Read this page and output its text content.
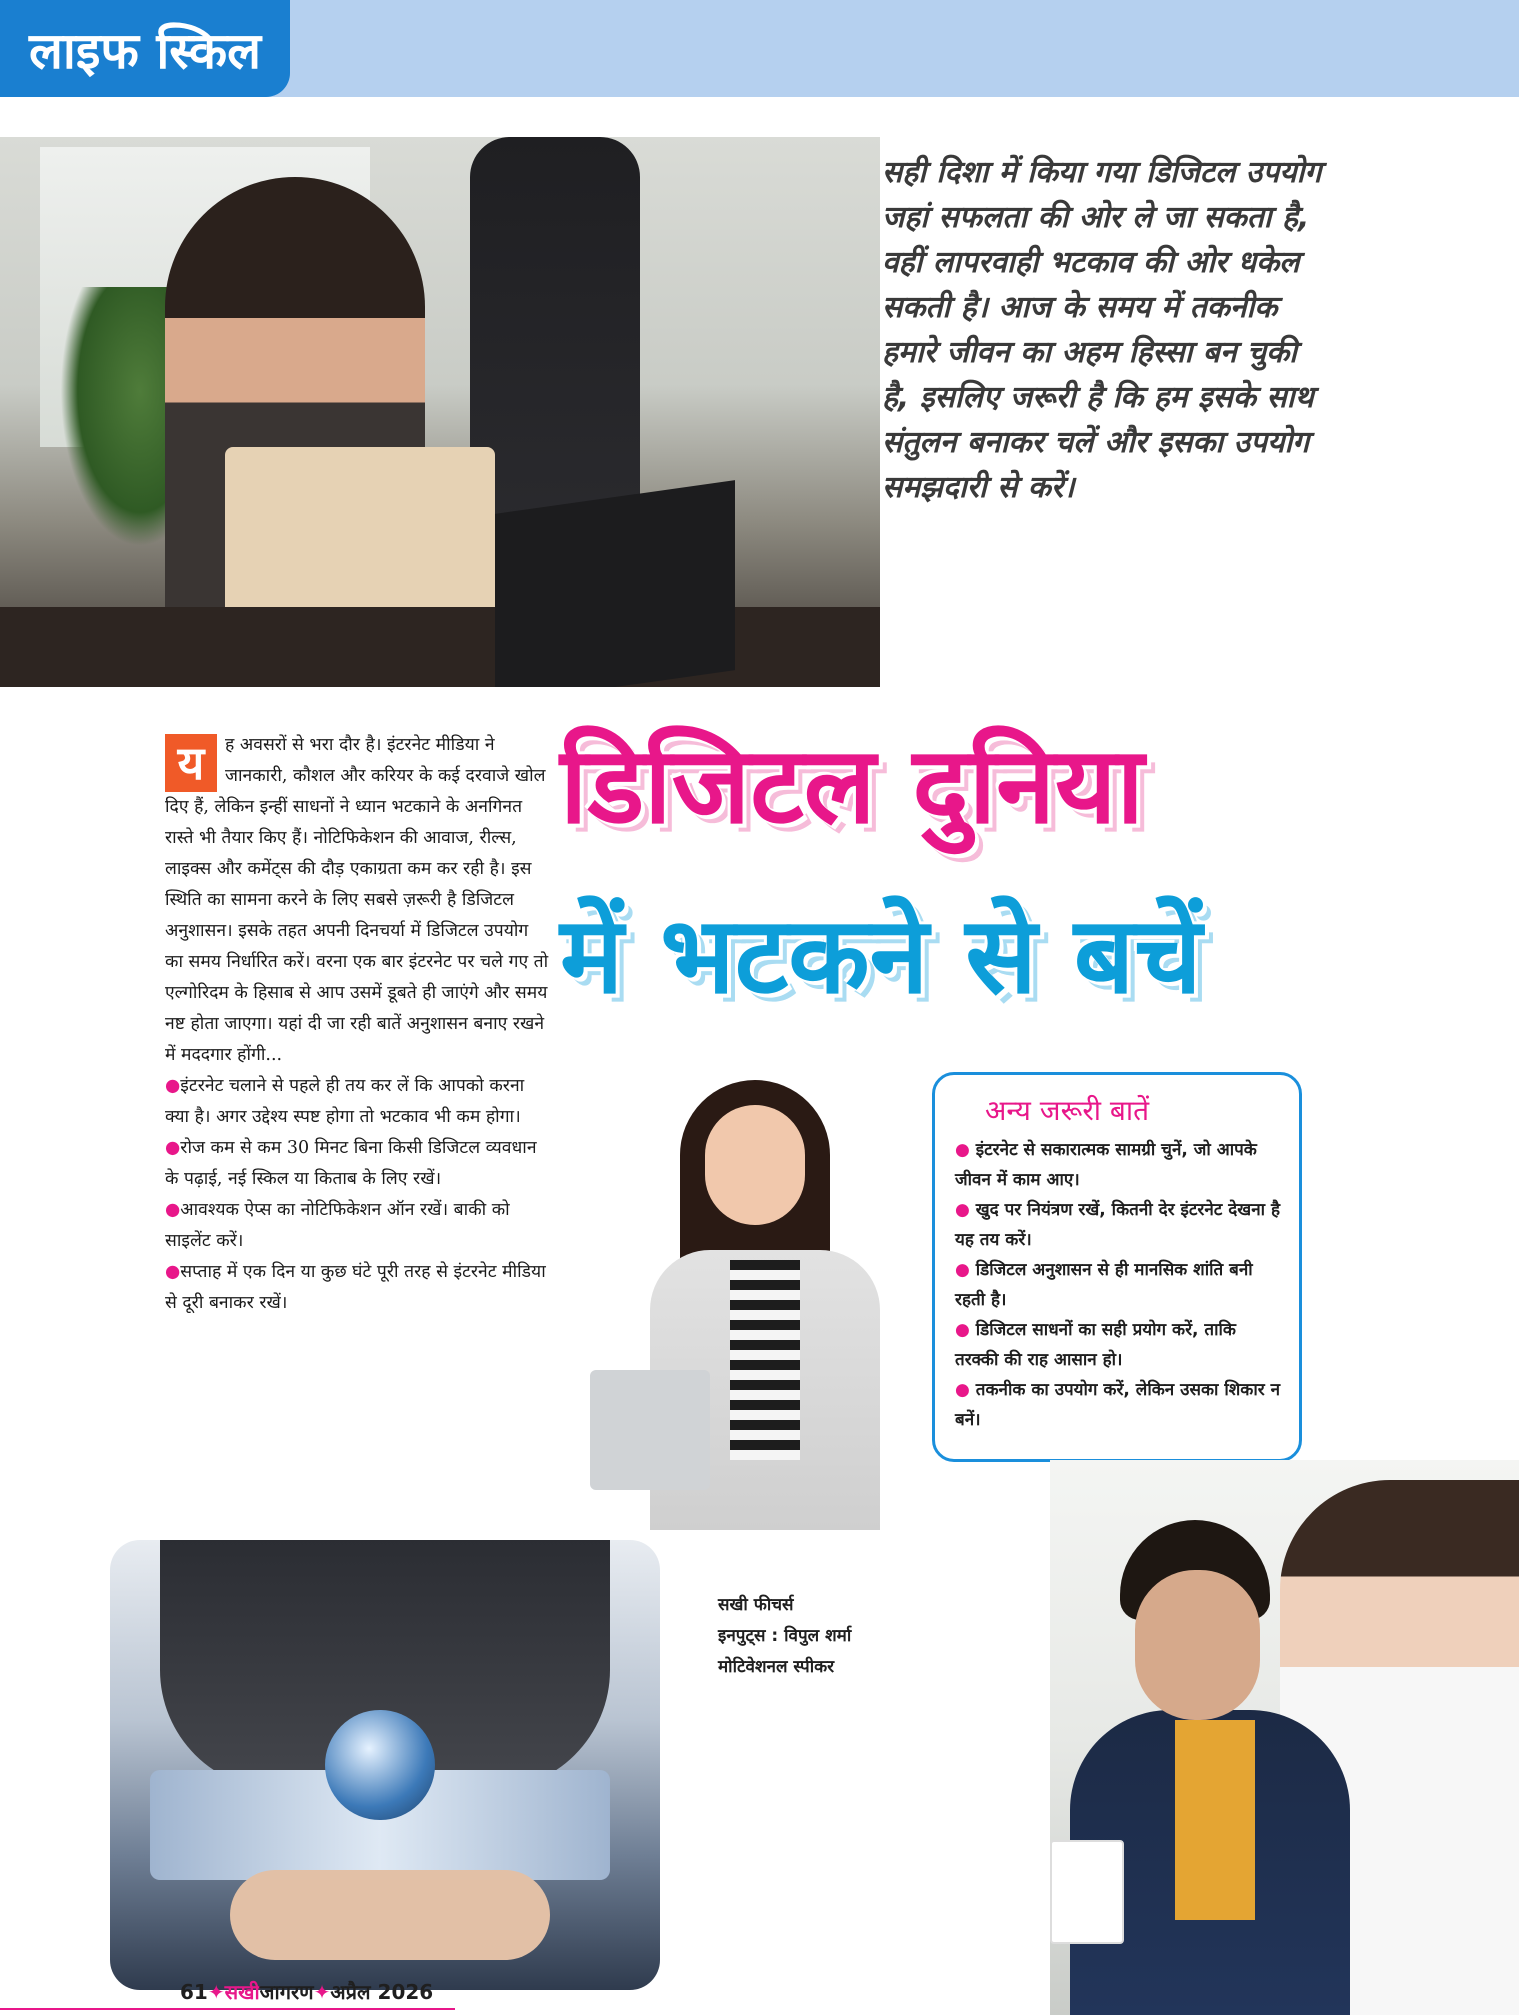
लाइफ स्किल

सही दिशा में किया गया डिजिटल उपयोग जहां सफलता की ओर ले जा सकता है, वहीं लापरवाही भटकाव की ओर धकेल सकती है। आज के समय में तकनीक हमारे जीवन का अहम हिस्सा बन चुकी है, इसलिए जरूरी है कि हम इसके साथ संतुलन बनाकर चलें और इसका उपयोग समझदारी से करें।

डिजिटल दुनिया
में भटकने से बचें
य	ह अवसरों से भरा दौर है। इंटरनेट मीडिया ने जानकारी, कौशल और करियर के कई दरवाजे खोल दिए हैं, लेकिन इन्हीं साधनों ने ध्यान भटकाने के अनगिनत रास्ते भी तैयार किए हैं। नोटिफिकेशन की आवाज, रील्स, लाइक्स और कमेंट्स की दौड़ एकाग्रता कम कर रही है। इस स्थिति का सामना करने के लिए सबसे ज़रूरी है डिजिटल अनुशासन। इसके तहत अपनी दिनचर्या में डिजिटल उपयोग का समय निर्धारित करें। वरना एक बार इंटरनेट पर चले गए तो एल्गोरिदम के हिसाब से आप उसमें डूबते ही जाएंगे और समय नष्ट होता जाएगा। यहां दी जा रही बातें अनुशासन बनाए रखने में मददगार होंगी...

●इंटरनेट चलाने से पहले ही तय कर लें कि आपको करना क्या है। अगर उद्देश्य स्पष्ट होगा तो भटकाव भी कम होगा।

●रोज कम से कम 30 मिनट बिना किसी डिजिटल व्यवधान के पढ़ाई, नई स्किल या किताब के लिए रखें।

●आवश्यक ऐप्स का नोटिफिकेशन ऑन रखें। बाकी को साइलेंट करें।

●सप्ताह में एक दिन या कुछ घंटे पूरी तरह से इंटरनेट मीडिया से दूरी बनाकर रखें।

अन्य जरूरी बातें

● इंटरनेट से सकारात्मक सामग्री चुनें, जो आपके जीवन में काम आए।

● खुद पर नियंत्रण रखें, कितनी देर इंटरनेट देखना है यह तय करें।

● डिजिटल अनुशासन से ही मानसिक शांति बनी रहती है।

● डिजिटल साधनों का सही प्रयोग करें, ताकि तरक्की की राह आसान हो।

● तकनीक का उपयोग करें, लेकिन उसका शिकार न बनें।

सखी फीचर्स
इनपुट्स : विपुल शर्मा
मोटिवेशनल स्पीकर
61✦सखीजागरण✦अप्रैल 2026
